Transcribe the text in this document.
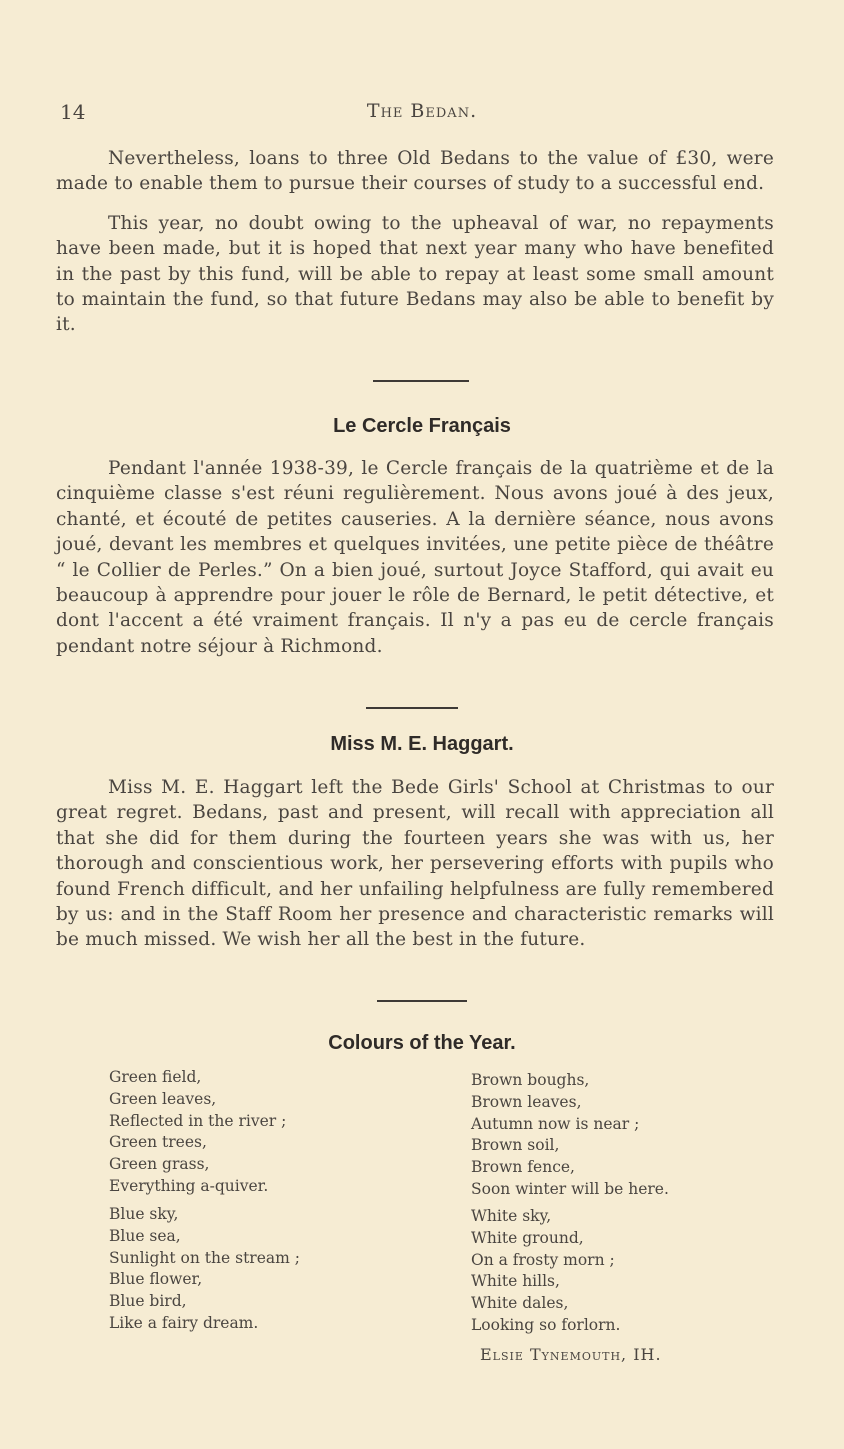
14	The Bedan.

Nevertheless, loans to three Old Bedans to the value of £30, were made to enable them to pursue their courses of study to a successful end.

This year, no doubt owing to the upheaval of war, no repayments have been made, but it is hoped that next year many who have benefited in the past by this fund, will be able to repay at least some small amount to maintain the fund, so that future Bedans may also be able to benefit by it.

Le Cercle Français

Pendant l'année 1938-39, le Cercle français de la quatrième et de la cinquième classe s'est réuni regulièrement. Nous avons joué à des jeux, chanté, et écouté de petites causeries. A la dernière séance, nous avons joué, devant les membres et quelques invitées, une petite pièce de théâtre “ le Collier de Perles.” On a bien joué, surtout Joyce Stafford, qui avait eu beaucoup à apprendre pour jouer le rôle de Bernard, le petit détective, et dont l'accent a été vraiment français. Il n'y a pas eu de cercle français pendant notre séjour à Richmond.

Miss M. E. Haggart.

Miss M. E. Haggart left the Bede Girls' School at Christmas to our great regret. Bedans, past and present, will recall with appreciation all that she did for them during the fourteen years she was with us, her thorough and conscientious work, her persevering efforts with pupils who found French difficult, and her unfailing helpfulness are fully remembered by us: and in the Staff Room her presence and characteristic remarks will be much missed. We wish her all the best in the future.

Colours of the Year.
Green field,
Green leaves,
Reflected in the river ;
Green trees,
Green grass,
Everything a-quiver.
Brown boughs,
Brown leaves,
Autumn now is near ;
Brown soil,
Brown fence,
Soon winter will be here.
Blue sky,
Blue sea,
Sunlight on the stream ;
Blue flower,
Blue bird,
Like a fairy dream.
White sky,
White ground,
On a frosty morn ;
White hills,
White dales,
Looking so forlorn.
Elsie Tynemouth, IH.
